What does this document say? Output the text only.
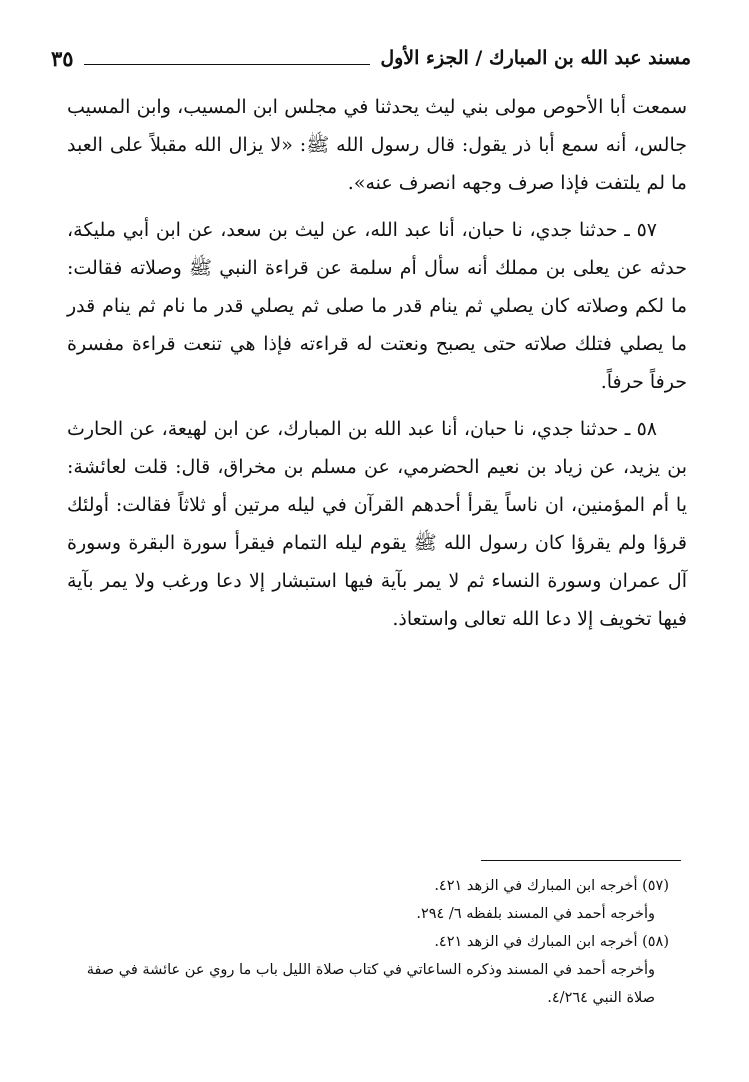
مسند عبد الله بن المبارك / الجزء الأول
٣٥

سمعت أبا الأحوص مولى بني ليث يحدثنا في مجلس ابن المسيب، وابن المسيب جالس، أنه سمع أبا ذر يقول: قال رسول الله ﷺ: «لا يزال الله مقبلاً على العبد ما لم يلتفت فإذا صرف وجهه انصرف عنه».

٥٧ ـ حدثنا جدي، نا حبان، أنا عبد الله، عن ليث بن سعد، عن ابن أبي مليكة، حدثه عن يعلى بن مملك أنه سأل أم سلمة عن قراءة النبي ﷺ وصلاته فقالت: ما لكم وصلاته كان يصلي ثم ينام قدر ما صلى ثم يصلي قدر ما نام ثم ينام قدر ما يصلي فتلك صلاته حتى يصبح ونعتت له قراءته فإذا هي تنعت قراءة مفسرة حرفاً حرفاً.

٥٨ ـ حدثنا جدي، نا حبان، أنا عبد الله بن المبارك، عن ابن لهيعة، عن الحارث بن يزيد، عن زياد بن نعيم الحضرمي، عن مسلم بن مخراق، قال: قلت لعائشة: يا أم المؤمنين، ان ناساً يقرأ أحدهم القرآن في ليله مرتين أو ثلاثاً فقالت: أولئك قرؤا ولم يقرؤا كان رسول الله ﷺ يقوم ليله التمام فيقرأ سورة البقرة وسورة آل عمران وسورة النساء ثم لا يمر بآية فيها استبشار إلا دعا ورغب ولا يمر بآية فيها تخويف إلا دعا الله تعالى واستعاذ.

(٥٧) أخرجه ابن المبارك في الزهد ٤٢١.

وأخرجه أحمد في المسند بلفظه ٦/ ٢٩٤.

(٥٨) أخرجه ابن المبارك في الزهد ٤٢١.

وأخرجه أحمد في المسند وذكره الساعاتي في كتاب صلاة الليل باب ما روي عن عائشة في صفة صلاة النبي ٤/٢٦٤.
